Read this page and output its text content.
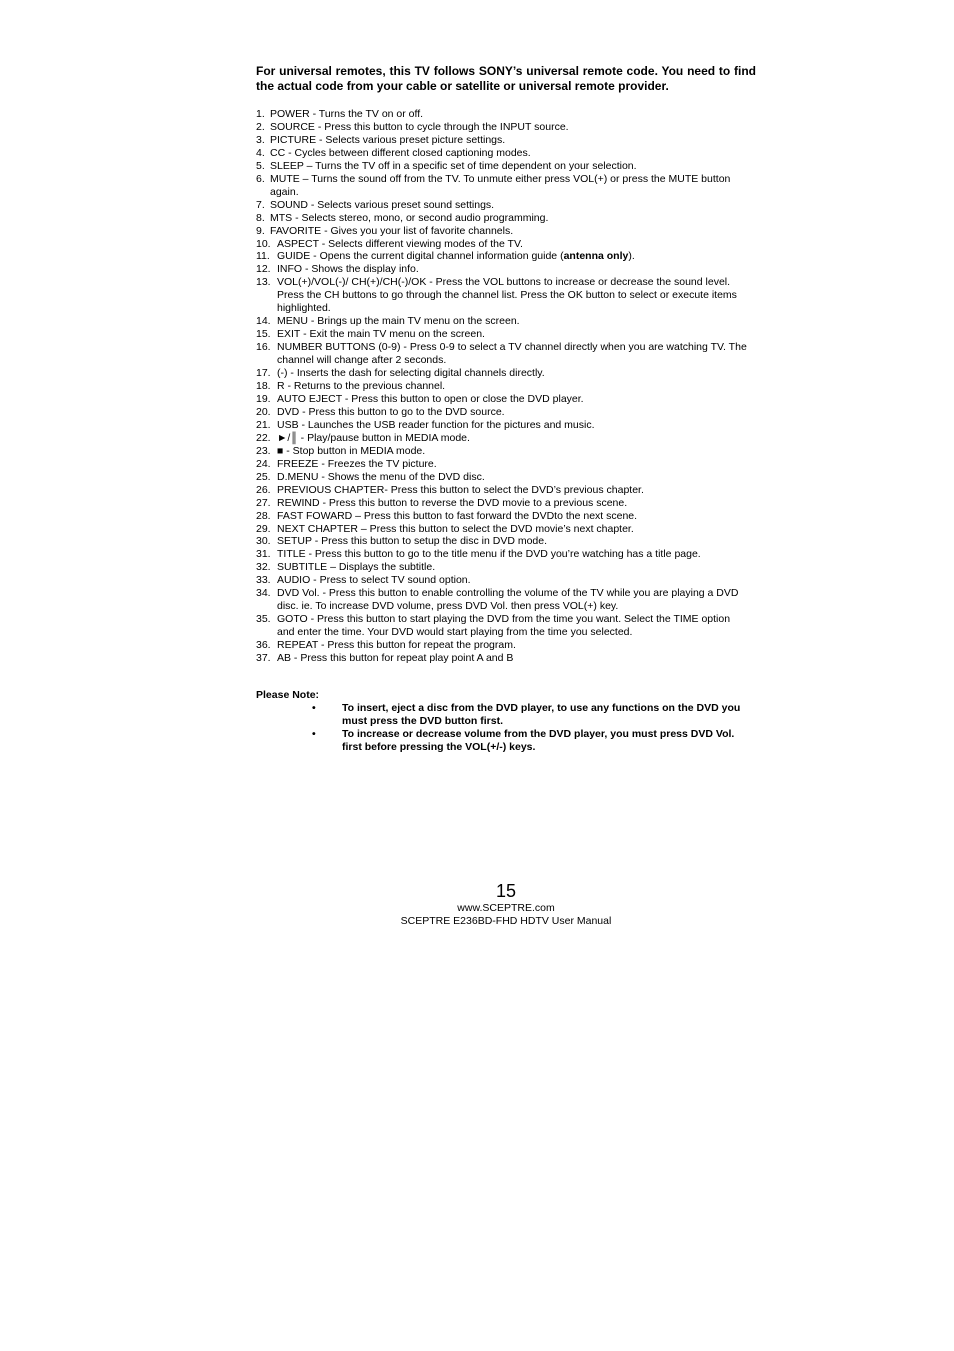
For universal remotes, this TV follows SONY’s universal remote code. You need to find the actual code from your cable or satellite or universal remote provider.
1. POWER - Turns the TV on or off.
2. SOURCE - Press this button to cycle through the INPUT source.
3. PICTURE - Selects various preset picture settings.
4. CC - Cycles between different closed captioning modes.
5. SLEEP – Turns the TV off in a specific set of time dependent on your selection.
6. MUTE – Turns the sound off from the TV. To unmute either press VOL(+) or press the MUTE button again.
7. SOUND - Selects various preset sound settings.
8. MTS - Selects stereo, mono, or second audio programming.
9. FAVORITE - Gives you your list of favorite channels.
10. ASPECT - Selects different viewing modes of the TV.
11. GUIDE - Opens the current digital channel information guide (antenna only).
12. INFO - Shows the display info.
13. VOL(+)/VOL(-)/ CH(+)/CH(-)/OK - Press the VOL buttons to increase or decrease the sound level. Press the CH buttons to go through the channel list. Press the OK button to select or execute items highlighted.
14. MENU - Brings up the main TV menu on the screen.
15. EXIT - Exit the main TV menu on the screen.
16. NUMBER BUTTONS (0-9) - Press 0-9 to select a TV channel directly when you are watching TV. The channel will change after 2 seconds.
17. (-) - Inserts the dash for selecting digital channels directly.
18. R - Returns to the previous channel.
19. AUTO EJECT - Press this button to open or close the DVD player.
20. DVD - Press this button to go to the DVD source.
21. USB - Launches the USB reader function for the pictures and music.
22. ►/║ - Play/pause button in MEDIA mode.
23. ■ - Stop button in MEDIA mode.
24. FREEZE - Freezes the TV picture.
25. D.MENU - Shows the menu of the DVD disc.
26. PREVIOUS CHAPTER- Press this button to select the DVD’s previous chapter.
27. REWIND - Press this button to reverse the DVD movie to a previous scene.
28. FAST FOWARD – Press this button to fast forward the DVDto the next scene.
29. NEXT CHAPTER – Press this button to select the DVD movie’s next chapter.
30. SETUP - Press this button to setup the disc in DVD mode.
31. TITLE - Press this button to go to the title menu if the DVD you’re watching has a title page.
32. SUBTITLE – Displays the subtitle.
33. AUDIO - Press to select TV sound option.
34. DVD Vol. - Press this button to enable controlling the volume of the TV while you are playing a DVD disc. ie. To increase DVD volume, press DVD Vol. then press VOL(+) key.
35. GOTO - Press this button to start playing the DVD from the time you want. Select the TIME option and enter the time. Your DVD would start playing from the time you selected.
36. REPEAT - Press this button for repeat the program.
37. AB - Press this button for repeat play point A and B
Please Note:
•	To insert, eject a disc from the DVD player, to use any functions on the DVD you must press the DVD button first.
•	To increase or decrease volume from the DVD player, you must press DVD Vol. first before pressing the VOL(+/-) keys.
15
www.SCEPTRE.com
SCEPTRE E236BD-FHD HDTV User Manual
